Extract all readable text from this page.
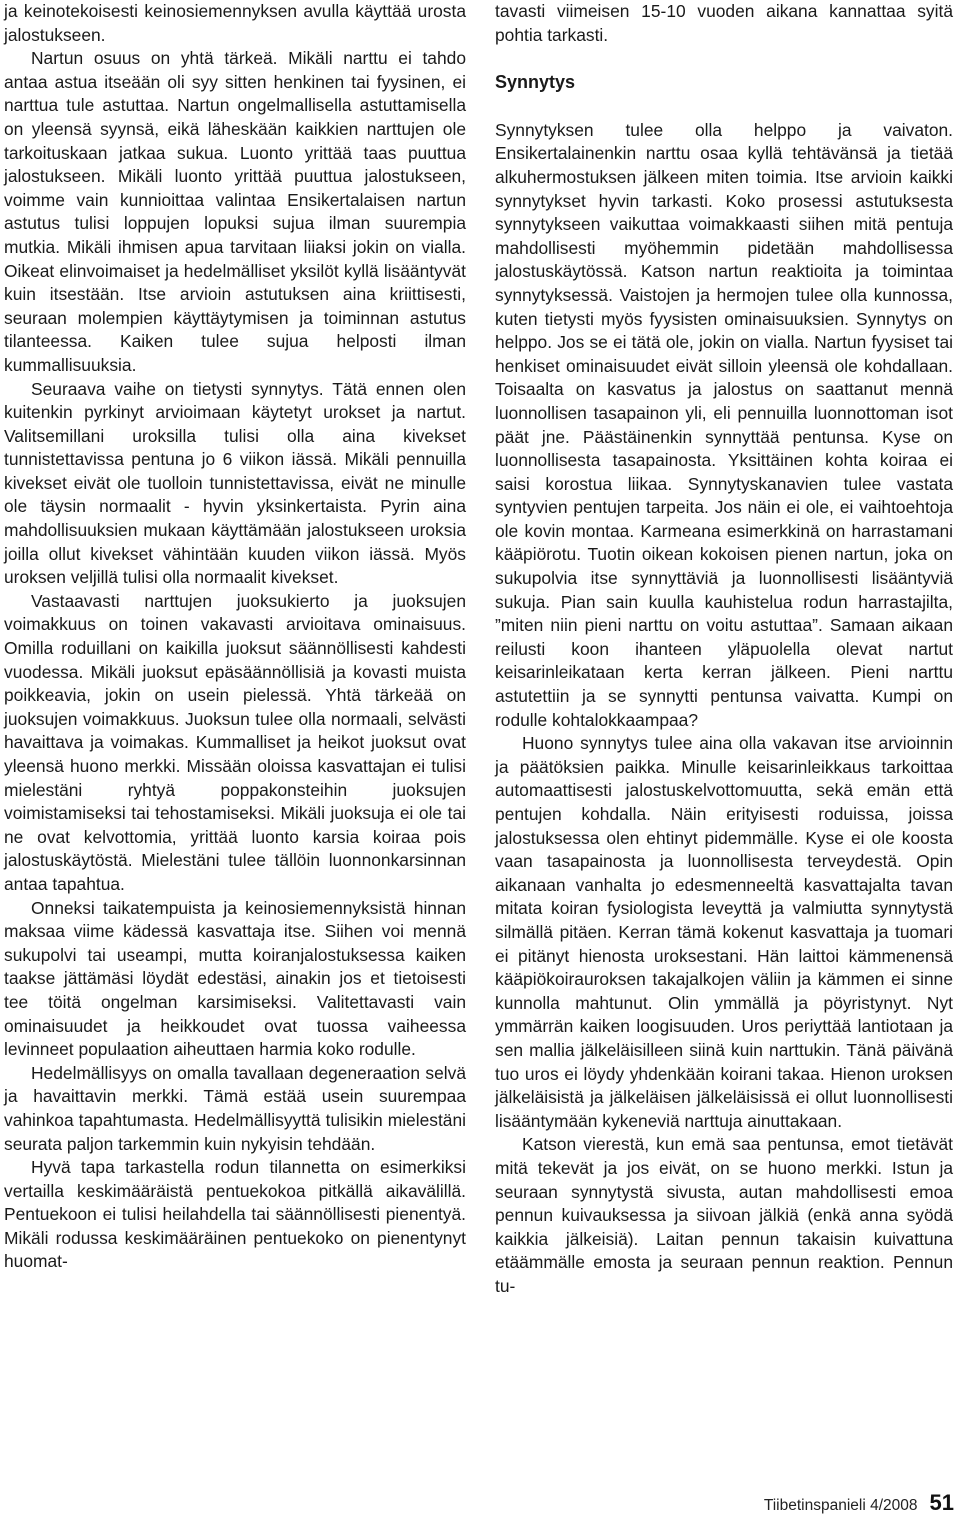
ja keinotekoisesti keinosiemennyksen avulla käyttää urosta jalostukseen.

Nartun osuus on yhtä tärkeä. Mikäli narttu ei tahdo antaa astua itseään oli syy sitten henkinen tai fyysinen, ei narttua tule astuttaa. Nartun ongelmallisella astuttamisella on yleensä syynsä, eikä läheskään kaikkien narttujen ole tarkoituskaan jatkaa sukua. Luonto yrittää taas puuttua jalostukseen. Mikäli luonto yrittää puuttua jalostukseen, voimme vain kunnioittaa valintaa Ensikertalaisen nartun astutus tulisi loppujen lopuksi sujua ilman suurempia mutkia. Mikäli ihmisen apua tarvitaan liiaksi jokin on vialla. Oikeat elinvoimaiset ja hedelmälliset yksilöt kyllä lisääntyvät kuin itsestään. Itse arvioin astutuksen aina kriittisesti, seuraan molempien käyttäytymisen ja toiminnan astutus tilanteessa. Kaiken tulee sujua helposti ilman kummallisuuksia.

Seuraava vaihe on tietysti synnytys. Tätä ennen olen kuitenkin pyrkinyt arvioimaan käytetyt urokset ja nartut. Valitsemillani uroksilla tulisi olla aina kivekset tunnistettavissa pentuna jo 6 viikon iässä. Mikäli pennuilla kivekset eivät ole tuolloin tunnistettavissa, eivät ne minulle ole täysin normaalit - hyvin yksinkertaista. Pyrin aina mahdollisuuksien mukaan käyttämään jalostukseen uroksia joilla ollut kivekset vähintään kuuden viikon iässä. Myös uroksen veljillä tulisi olla normaalit kivekset.

Vastaavasti narttujen juoksukierto ja juoksujen voimakkuus on toinen vakavasti arvioitava ominaisuus. Omilla roduillani on kaikilla juoksut säännöllisesti kahdesti vuodessa. Mikäli juoksut epäsäännöllisiä ja kovasti muista poikkeavia, jokin on usein pielessä. Yhtä tärkeää on juoksujen voimakkuus. Juoksun tulee olla normaali, selvästi havaittava ja voimakas. Kummalliset ja heikot juoksut ovat yleensä huono merkki. Missään oloissa kasvattajan ei tulisi mielestäni ryhtyä poppakonsteihin juoksujen voimistamiseksi tai tehostamiseksi. Mikäli juoksuja ei ole tai ne ovat kelvottomia, yrittää luonto karsia koiraa pois jalostuskäytöstä. Mielestäni tulee tällöin luonnonkarsinnan antaa tapahtua.

Onneksi taikatempuista ja keinosiemennyksistä hinnan maksaa viime kädessä kasvattaja itse. Siihen voi mennä sukupolvi tai useampi, mutta koiranjalostuksessa kaiken taakse jättämäsi löydät edestäsi, ainakin jos et tietoisesti tee töitä ongelman karsimiseksi. Valitettavasti vain ominaisuudet ja heikkoudet ovat tuossa vaiheessa levinneet populaation aiheuttaen harmia koko rodulle.

Hedelmällisyys on omalla tavallaan degeneraation selvä ja havaittavin merkki. Tämä estää usein suurempaa vahinkoa tapahtumasta. Hedelmällisyyttä tulisikin mielestäni seurata paljon tarkemmin kuin nykyisin tehdään.

Hyvä tapa tarkastella rodun tilannetta on esimerkiksi vertailla keskimääräistä pentuekokoa pitkällä aikavälillä. Pentuekoon ei tulisi heilahdella tai säännöllisesti pienentyä. Mikäli rodussa keskimääräinen pentuekoko on pienentynyt huomat-

tavasti viimeisen 15-10 vuoden aikana kannattaa syitä pohtia tarkasti.

Synnytys

Synnytyksen tulee olla helppo ja vaivaton. Ensikertalainenkin narttu osaa kyllä tehtävänsä ja tietää alkuhermostuksen jälkeen miten toimia. Itse arvioin kaikki synnytykset hyvin tarkasti. Koko prosessi astutuksesta synnytykseen vaikuttaa voimakkaasti siihen mitä pentuja mahdollisesti myöhemmin pidetään mahdollisessa jalostuskäytössä. Katson nartun reaktioita ja toimintaa synnytyksessä. Vaistojen ja hermojen tulee olla kunnossa, kuten tietysti myös fyysisten ominaisuuksien. Synnytys on helppo. Jos se ei tätä ole, jokin on vialla. Nartun fyysiset tai henkiset ominaisuudet eivät silloin yleensä ole kohdallaan. Toisaalta on kasvatus ja jalostus on saattanut mennä luonnollisen tasapainon yli, eli pennuilla luonnottoman isot päät jne. Päästäinenkin synnyttää pentunsa. Kyse on luonnollisesta tasapainosta. Yksittäinen kohta koiraa ei saisi korostua liikaa. Synnytyskanavien tulee vastata syntyvien pentujen tarpeita. Jos näin ei ole, ei vaihtoehtoja ole kovin montaa. Karmeana esimerkkinä on harrastamani kääpiörotu. Tuotin oikean kokoisen pienen nartun, joka on sukupolvia itse synnyttäviä ja luonnollisesti lisääntyviä sukuja. Pian sain kuulla kauhistelua rodun harrastajilta, ”miten niin pieni narttu on voitu astuttaa”. Samaan aikaan reilusti koon ihanteen yläpuolella olevat nartut keisarinleikataan kerta kerran jälkeen. Pieni narttu astutettiin ja se synnytti pentunsa vaivatta. Kumpi on rodulle kohtalokkaampaa?

Huono synnytys tulee aina olla vakavan itse arvioinnin ja päätöksien paikka. Minulle keisarinleikkaus tarkoittaa automaattisesti jalostuskelvottomuutta, sekä emän että pentujen kohdalla. Näin erityisesti roduissa, joissa jalostuksessa olen ehtinyt pidemmälle. Kyse ei ole koosta vaan tasapainosta ja luonnollisesta terveydestä. Opin aikanaan vanhalta jo edesmenneeltä kasvattajalta tavan mitata koiran fysiologista leveyttä ja valmiutta synnytystä silmällä pitäen. Kerran tämä kokenut kasvattaja ja tuomari ei pitänyt hienosta uroksestani. Hän laittoi kämmenensä kääpiökoirauroksen takajalkojen väliin ja kämmen ei sinne kunnolla mahtunut. Olin ymmällä ja pöyristynyt. Nyt ymmärrän kaiken loogisuuden. Uros periyttää lantiotaan ja sen mallia jälkeläisilleen siinä kuin narttukin. Tänä päivänä tuo uros ei löydy yhdenkään koirani takaa. Hienon uroksen jälkeläisistä ja jälkeläisen jälkeläisissä ei ollut luonnollisesti lisääntymään kykeneviä narttuja ainuttakaan.

Katson vierestä, kun emä saa pentunsa, emot tietävät mitä tekevät ja jos eivät, on se huono merkki. Istun ja seuraan synnytystä sivusta, autan mahdollisesti emoa pennun kuivauksessa ja siivoan jälkiä (enkä anna syödä kaikkia jälkeisiä). Laitan pennun takaisin kuivattuna etäämmälle emosta ja seuraan pennun reaktion. Pennun tu-

Tiibetinspanieli 4/2008 51
